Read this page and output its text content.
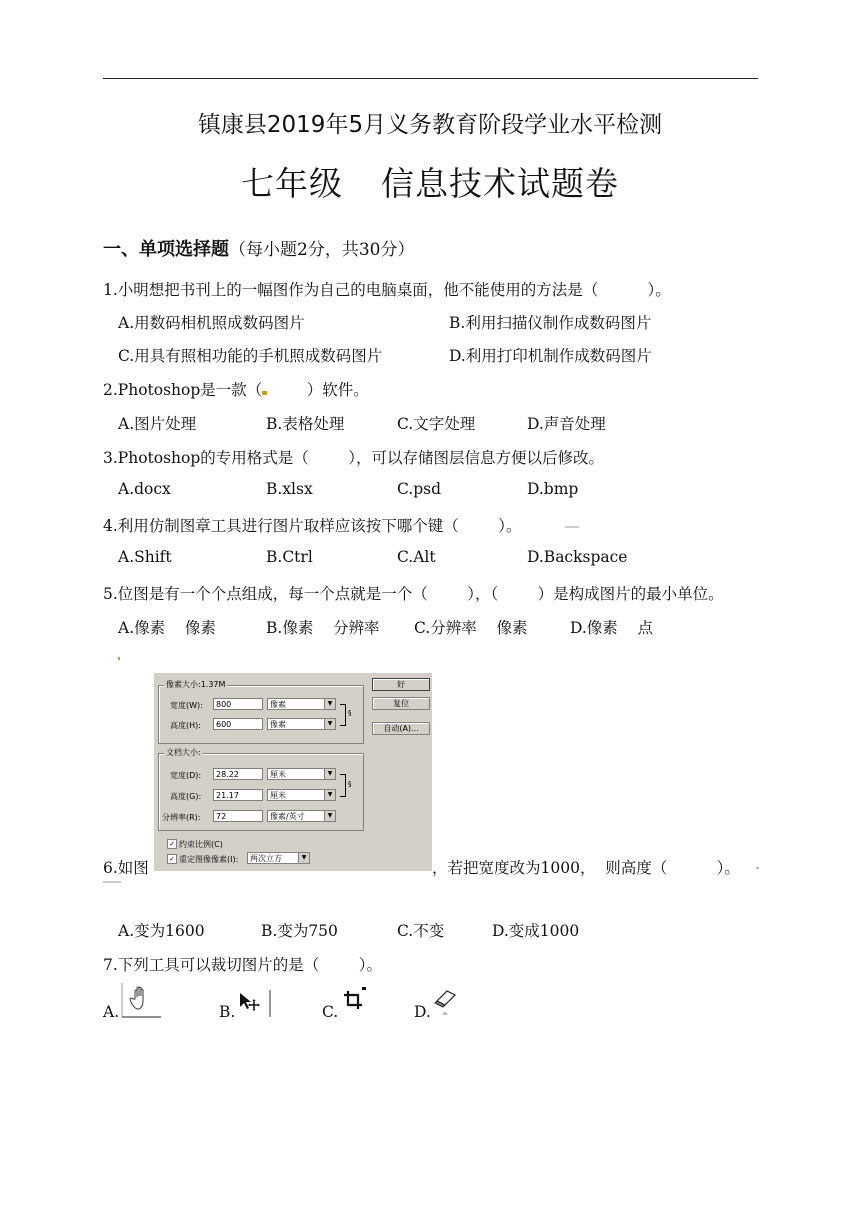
镇康县2019年5月义务教育阶段学业水平检测
七年级 信息技术试题卷
一、单项选择题（每小题2分，共30分）
1.小明想把书刊上的一幅图作为自己的电脑桌面，他不能使用的方法是（          ）。
A.用数码相机照成数码图片	B.利用扫描仪制作成数码图片
C.用具有照相功能的手机照成数码图片	D.利用打印机制作成数码图片
2.Photoshop是一款（        ）软件。
A.图片处理	B.表格处理	C.文字处理	D.声音处理
3.Photoshop的专用格式是（        ），可以存储图层信息方便以后修改。
A.docx	B.xlsx	C.psd	D.bmp
4.利用仿制图章工具进行图片取样应该按下哪个键（        ）。
A.Shift	B.Ctrl	C.Alt	D.Backspace
5.位图是有一个个点组成，每一个点就是一个（        ），（        ）是构成图片的最小单位。
A.像素    像素	B.像素    分辨率 C.分辨率    像素	D.像素    点
像素大小:1.37M
宽度(W):	800	像素	▼
高度(H):	600	像素	▼
§
文档大小:
宽度(D):	28.22	厘米	▼
高度(G):	21.17	厘米	▼
§
分辨率(R):	72	像素/英寸	▼
✓ 约束比例(C)
✓ 重定图像像素(I):	两次立方	▼
好
复位
自动(A)...
6.如图	，若把宽度改为1000，  则高度（          ）。
A.变为1600	B.变为750	C.不变	D.变成1000
7.下列工具可以裁切图片的是（        ）。
A.	B.	C.	D.
